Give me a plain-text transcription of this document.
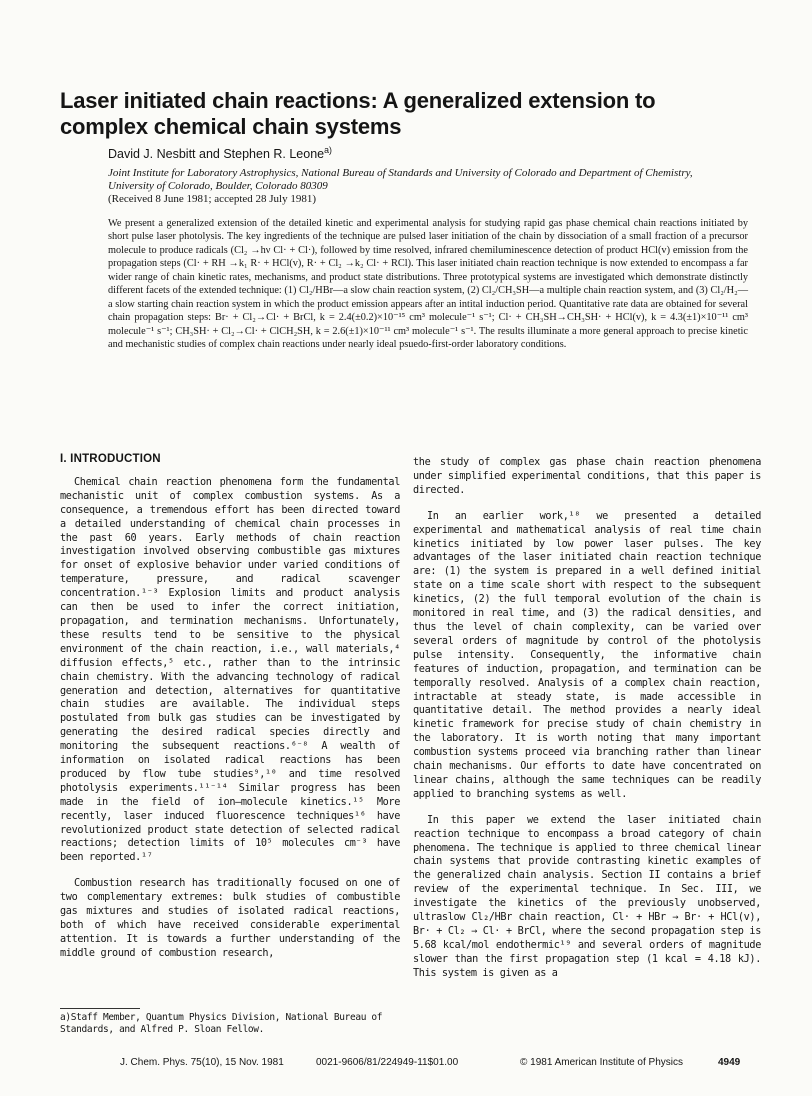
Laser initiated chain reactions: A generalized extension to
complex chemical chain systems
David J. Nesbitt and Stephen R. Leone$^{a)}$
Joint Institute for Laboratory Astrophysics, National Bureau of Standards and University of Colorado and Department of Chemistry, University of Colorado, Boulder, Colorado 80309
(Received 8 June 1981; accepted 28 July 1981)

We present a generalized extension of the detailed kinetic and experimental analysis for studying rapid gas phase chemical chain reactions initiated by short pulse laser photolysis. The key ingredients of the technique are pulsed laser initiation of the chain by dissociation of a small fraction of a precursor molecule to produce radicals (Cl₂ →hν Cl· + Cl·), followed by time resolved, infrared chemiluminescence detection of product HCl(v) emission from the propagation steps (Cl· + RH →k₁ R· + HCl(v), R· + Cl₂ →k₂ Cl· + RCl). This laser initiated chain reaction technique is now extended to encompass a far wider range of chain kinetic rates, mechanisms, and product state distributions. Three prototypical systems are investigated which demonstrate distinctly different facets of the extended technique: (1) Cl₂/HBr—a slow chain reaction system, (2) Cl₂/CH₃SH—a multiple chain reaction system, and (3) Cl₂/H₂—a slow starting chain reaction system in which the product emission appears after an intital induction period. Quantitative rate data are obtained for several chain propagation steps: Br· + Cl₂→Cl· + BrCl, k = 2.4(±0.2)×10⁻¹⁵ cm³ molecule⁻¹ s⁻¹; Cl· + CH₃SH→CH₃SH· + HCl(v), k = 4.3(±1)×10⁻¹¹ cm³ molecule⁻¹ s⁻¹; CH₃SH· + Cl₂→Cl· + ClCH₂SH, k = 2.6(±1)×10⁻¹¹ cm³ molecule⁻¹ s⁻¹. The results illuminate a more general approach to precise kinetic and mechanistic studies of complex chain reactions under nearly ideal psuedo-first-order laboratory conditions.

I. INTRODUCTION

Chemical chain reaction phenomena form the fundamental mechanistic unit of complex combustion systems. As a consequence, a tremendous effort has been directed toward a detailed understanding of chemical chain processes in the past 60 years. Early methods of chain reaction investigation involved observing combustible gas mixtures for onset of explosive behavior under varied conditions of temperature, pressure, and radical scavenger concentration.¹⁻³ Explosion limits and product analysis can then be used to infer the correct initiation, propagation, and termination mechanisms. Unfortunately, these results tend to be sensitive to the physical environment of the chain reaction, i.e., wall materials,⁴ diffusion effects,⁵ etc., rather than to the intrinsic chain chemistry. With the advancing technology of radical generation and detection, alternatives for quantitative chain studies are available. The individual steps postulated from bulk gas studies can be investigated by generating the desired radical species directly and monitoring the subsequent reactions.⁶⁻⁸ A wealth of information on isolated radical reactions has been produced by flow tube studies⁹,¹⁰ and time resolved photolysis experiments.¹¹⁻¹⁴ Similar progress has been made in the field of ion–molecule kinetics.¹⁵ More recently, laser induced fluorescence techniques¹⁶ have revolutionized product state detection of selected radical reactions; detection limits of 10⁵ molecules cm⁻³ have been reported.¹⁷

Combustion research has traditionally focused on one of two complementary extremes: bulk studies of combustible gas mixtures and studies of isolated radical reactions, both of which have received considerable experimental attention. It is towards a further understanding of the middle ground of combustion research,

the study of complex gas phase chain reaction phenomena under simplified experimental conditions, that this paper is directed.

In an earlier work,¹⁸ we presented a detailed experimental and mathematical analysis of real time chain kinetics initiated by low power laser pulses. The key advantages of the laser initiated chain reaction technique are: (1) the system is prepared in a well defined initial state on a time scale short with respect to the subsequent kinetics, (2) the full temporal evolution of the chain is monitored in real time, and (3) the radical densities, and thus the level of chain complexity, can be varied over several orders of magnitude by control of the photolysis pulse intensity. Consequently, the informative chain features of induction, propagation, and termination can be temporally resolved. Analysis of a complex chain reaction, intractable at steady state, is made accessible in quantitative detail. The method provides a nearly ideal kinetic framework for precise study of chain chemistry in the laboratory. It is worth noting that many important combustion systems proceed via branching rather than linear chain mechanisms. Our efforts to date have concentrated on linear chains, although the same techniques can be readily applied to branching systems as well.

In this paper we extend the laser initiated chain reaction technique to encompass a broad category of chain phenomena. The technique is applied to three chemical linear chain systems that provide contrasting kinetic examples of the generalized chain analysis. Section II contains a brief review of the experimental technique. In Sec. III, we investigate the kinetics of the previously unobserved, ultraslow Cl₂/HBr chain reaction, Cl· + HBr → Br· + HCl(v), Br· + Cl₂ → Cl· + BrCl, where the second propagation step is 5.68 kcal/mol endothermic¹⁹ and several orders of magnitude slower than the first propagation step (1 kcal = 4.18 kJ). This system is given as a

a)Staff Member, Quantum Physics Division, National Bureau of Standards, and Alfred P. Sloan Fellow.
J. Chem. Phys. 75(10), 15 Nov. 1981	0021-9606/81/224949-11$01.00	© 1981 American Institute of Physics	4949
